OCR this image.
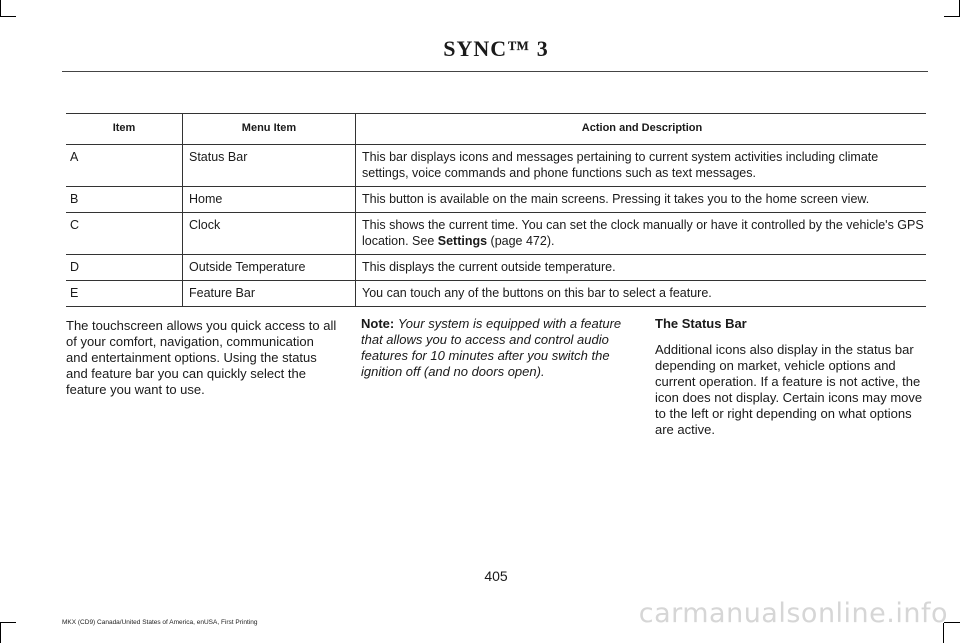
SYNC™ 3
Item	Menu Item	Action and Description
A	Status Bar	This bar displays icons and messages pertaining to current system activities including climate settings, voice commands and phone functions such as text messages.
B	Home	This button is available on the main screens. Pressing it takes you to the home screen view.
C	Clock	This shows the current time. You can set the clock manually or have it controlled by the vehicle's GPS location. See Settings (page 472).
D	Outside Temperature	This displays the current outside temperature.
E	Feature Bar	You can touch any of the buttons on this bar to select a feature.

The touchscreen allows you quick access to all of your comfort, navigation, communication and entertainment options. Using the status and feature bar you can quickly select the feature you want to use.

Note: Your system is equipped with a feature that allows you to access and control audio features for 10 minutes after you switch the ignition off (and no doors open).

The Status Bar

Additional icons also display in the status bar depending on market, vehicle options and current operation. If a feature is not active, the icon does not display. Certain icons may move to the left or right depending on what options are active.

405
MKX (CD9) Canada/United States of America, enUSA, First Printing	carmanualsonline.info
